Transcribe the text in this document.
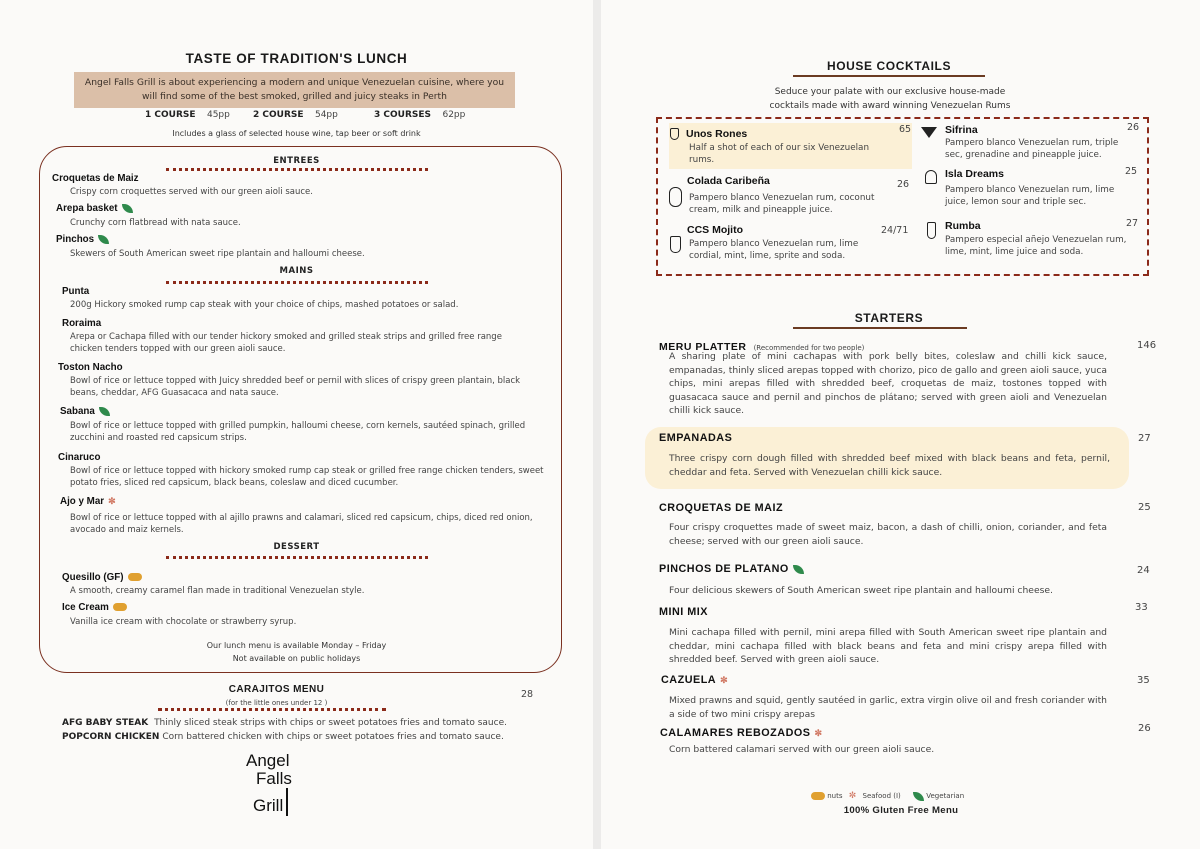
TASTE OF TRADITION'S LUNCH
Angel Falls Grill is about experiencing a modern and unique Venezuelan cuisine, where you will find some of the best smoked, grilled and juicy steaks in Perth
1 COURSE 45pp	2 COURSE 54pp	3 COURSES 62pp
Includes a glass of selected house wine, tap beer or soft drink
ENTREES
Croquetas de Maiz
Crispy corn croquettes served with our green aioli sauce.
Arepa basket
Crunchy corn flatbread with nata sauce.
Pinchos
Skewers of South American sweet ripe plantain and halloumi cheese.
MAINS
Punta
200g Hickory smoked rump cap steak with your choice of chips, mashed potatoes or salad.
Roraima
Arepa or Cachapa filled with our tender hickory smoked and grilled steak strips and grilled free range chicken tenders topped with our green aioli sauce.
Toston Nacho
Bowl of rice or lettuce topped with Juicy shredded beef or pernil with slices of crispy green plantain, black beans, cheddar, AFG Guasacaca and nata sauce.
Sabana
Bowl of rice or lettuce topped with grilled pumpkin, halloumi cheese, corn kernels, sautéed spinach, grilled zucchini and roasted red capsicum strips.
Cinaruco
Bowl of rice or lettuce topped with hickory smoked rump cap steak or grilled free range chicken tenders, sweet potato fries, sliced red capsicum, black beans, coleslaw and diced cucumber.
Ajo y Mar ✼
Bowl of rice or lettuce topped with al ajillo prawns and calamari, sliced red capsicum, chips, diced red onion, avocado and maiz kernels.
DESSERT
Quesillo (GF)
A smooth, creamy caramel flan made in traditional Venezuelan style.
Ice Cream
Vanilla ice cream with chocolate or strawberry syrup.
Our lunch menu is available Monday – Friday
Not available on public holidays
CARAJITOS MENU	28
(for the little ones under 12 )
AFG BABY STEAK Thinly sliced steak strips with chips or sweet potatoes fries and tomato sauce.
POPCORN CHICKEN Corn battered chicken with chips or sweet potatoes fries and tomato sauce.
Angel
Falls
Grill
HOUSE COCKTAILS
Seduce your palate with our exclusive house-made cocktails made with award winning Venezuelan Rums
Unos Rones	65
Half a shot of each of our six Venezuelan rums.
Colada Caribeña	26
Pampero blanco Venezuelan rum, coconut cream, milk and pineapple juice.
CCS Mojito	24/71
Pampero blanco Venezuelan rum, lime cordial, mint, lime, sprite and soda.
Sifrina	26
Pampero blanco Venezuelan rum, triple sec, grenadine and pineapple juice.
Isla Dreams	25
Pampero blanco Venezuelan rum, lime juice, lemon sour and triple sec.
Rumba	27
Pampero especial añejo Venezuelan rum, lime, mint, lime juice and soda.
STARTERS
MERU PLATTER (Recommended for two people)	146
A sharing plate of mini cachapas with pork belly bites, coleslaw and chilli kick sauce, empanadas, thinly sliced arepas topped with chorizo, pico de gallo and green aioli sauce, yuca chips, mini arepas filled with shredded beef, croquetas de maiz, tostones topped with guasacaca sauce and pernil and pinchos de plátano; served with green aioli and Venezuelan chilli kick sauce.
EMPANADAS	27
Three crispy corn dough filled with shredded beef mixed with black beans and feta, pernil, cheddar and feta. Served with Venezuelan chilli kick sauce.
CROQUETAS DE MAIZ	25
Four crispy croquettes made of sweet maiz, bacon, a dash of chilli, onion, coriander, and feta cheese; served with our green aioli sauce.
PINCHOS DE PLATANO	24
Four delicious skewers of South American sweet ripe plantain and halloumi cheese.
MINI MIX	33
Mini cachapa filled with pernil, mini arepa filled with South American sweet ripe plantain and cheddar, mini cachapa filled with black beans and feta and mini crispy arepa filled with shredded beef. Served with green aioli sauce.
CAZUELA ✼	35
Mixed prawns and squid, gently sautéed in garlic, extra virgin olive oil and fresh coriander with a side of two mini crispy arepas
CALAMARES REBOZADOS ✼	26
Corn battered calamari served with our green aioli sauce.
nuts ✼ Seafood (I)	Vegetarian
100% Gluten Free Menu
